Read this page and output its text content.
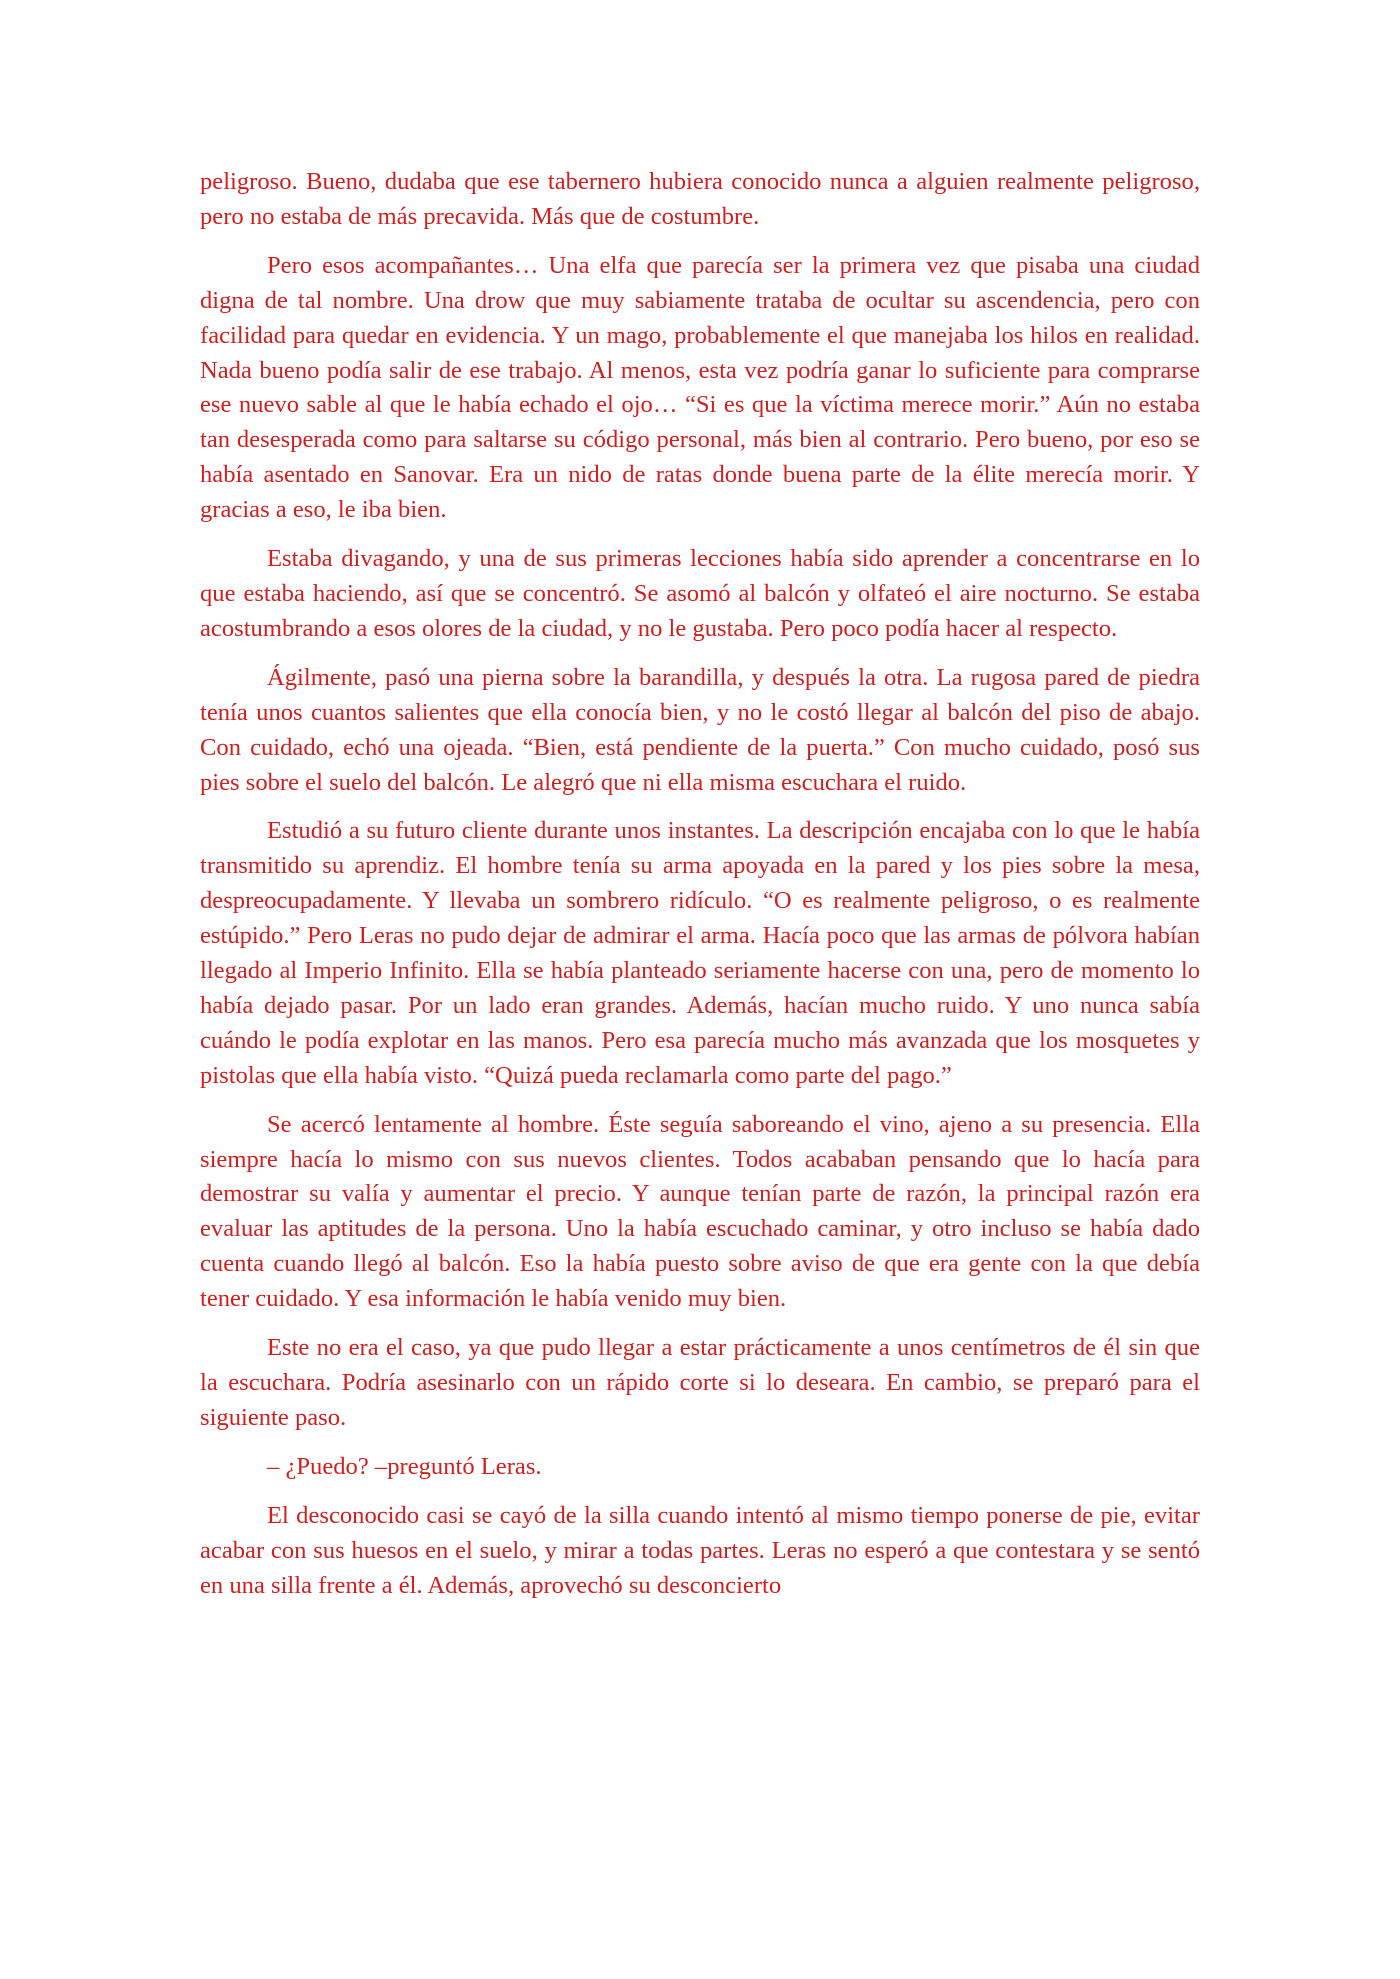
peligroso. Bueno, dudaba que ese tabernero hubiera conocido nunca a alguien realmente peligroso, pero no estaba de más precavida. Más que de costumbre.

Pero esos acompañantes… Una elfa que parecía ser la primera vez que pisaba una ciudad digna de tal nombre. Una drow que muy sabiamente trataba de ocultar su ascendencia, pero con facilidad para quedar en evidencia. Y un mago, probablemente el que manejaba los hilos en realidad. Nada bueno podía salir de ese trabajo. Al menos, esta vez podría ganar lo suficiente para comprarse ese nuevo sable al que le había echado el ojo… “Si es que la víctima merece morir.” Aún no estaba tan desesperada como para saltarse su código personal, más bien al contrario. Pero bueno, por eso se había asentado en Sanovar. Era un nido de ratas donde buena parte de la élite merecía morir. Y gracias a eso, le iba bien.

Estaba divagando, y una de sus primeras lecciones había sido aprender a concentrarse en lo que estaba haciendo, así que se concentró. Se asomó al balcón y olfateó el aire nocturno. Se estaba acostumbrando a esos olores de la ciudad, y no le gustaba. Pero poco podía hacer al respecto.

Ágilmente, pasó una pierna sobre la barandilla, y después la otra. La rugosa pared de piedra tenía unos cuantos salientes que ella conocía bien, y no le costó llegar al balcón del piso de abajo. Con cuidado, echó una ojeada. “Bien, está pendiente de la puerta.” Con mucho cuidado, posó sus pies sobre el suelo del balcón. Le alegró que ni ella misma escuchara el ruido.

Estudió a su futuro cliente durante unos instantes. La descripción encajaba con lo que le había transmitido su aprendiz. El hombre tenía su arma apoyada en la pared y los pies sobre la mesa, despreocupadamente. Y llevaba un sombrero ridículo. “O es realmente peligroso, o es realmente estúpido.” Pero Leras no pudo dejar de admirar el arma. Hacía poco que las armas de pólvora habían llegado al Imperio Infinito. Ella se había planteado seriamente hacerse con una, pero de momento lo había dejado pasar. Por un lado eran grandes. Además, hacían mucho ruido. Y uno nunca sabía cuándo le podía explotar en las manos. Pero esa parecía mucho más avanzada que los mosquetes y pistolas que ella había visto. “Quizá pueda reclamarla como parte del pago.”

Se acercó lentamente al hombre. Éste seguía saboreando el vino, ajeno a su presencia. Ella siempre hacía lo mismo con sus nuevos clientes. Todos acababan pensando que lo hacía para demostrar su valía y aumentar el precio. Y aunque tenían parte de razón, la principal razón era evaluar las aptitudes de la persona. Uno la había escuchado caminar, y otro incluso se había dado cuenta cuando llegó al balcón. Eso la había puesto sobre aviso de que era gente con la que debía tener cuidado. Y esa información le había venido muy bien.

Este no era el caso, ya que pudo llegar a estar prácticamente a unos centímetros de él sin que la escuchara. Podría asesinarlo con un rápido corte si lo deseara. En cambio, se preparó para el siguiente paso.

– ¿Puedo? –preguntó Leras.

El desconocido casi se cayó de la silla cuando intentó al mismo tiempo ponerse de pie, evitar acabar con sus huesos en el suelo, y mirar a todas partes. Leras no esperó a que contestara y se sentó en una silla frente a él. Además, aprovechó su desconcierto
